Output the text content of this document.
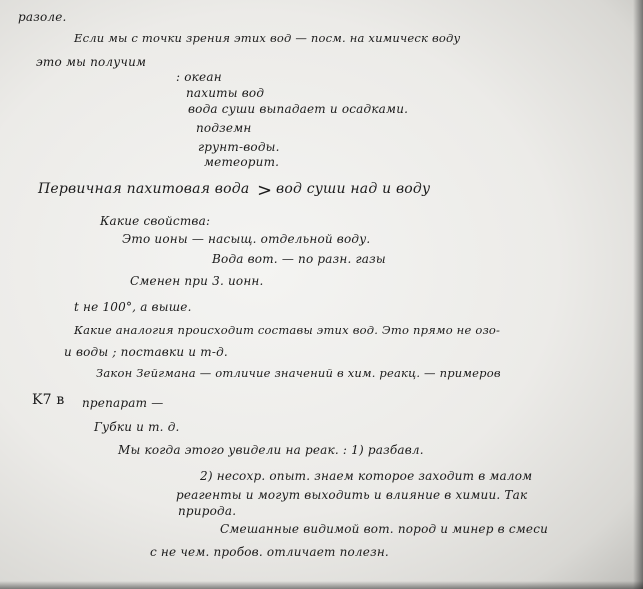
paзоле.

Если мы с точки зрения этих вод — посм. на химическ воду

это мы получим

: океан

пахиты вод

вода суши выпадает и осадками.

подземн

грунт-воды.

метеорит.

Первичная пахитовая вода > вод суши над и воду

Какие свойства:

Это ионы — насыщ. отдельной воду.

Вода вот. — по разн. газы

Сменен при 3. ионн.

t не 100°, а выше.

Какие аналогия происходит составы этих вод. Это прямо не озо-

и воды ; поставки и т-д.

Закон Зейгмана — отличие значений в хим. реакц. — примеров

K7 в препарат —

Губки и т. д.

Мы когда этого увидели на реак. : 1) разбавл.

2) несохр. опыт. знаем которое заходит в малом

реагенты и могут выходить и влияние в химии. Так

природа.

Смешанные видимой вот. пород и минер в смеси

с не чем. пробов. отличает полезн.
